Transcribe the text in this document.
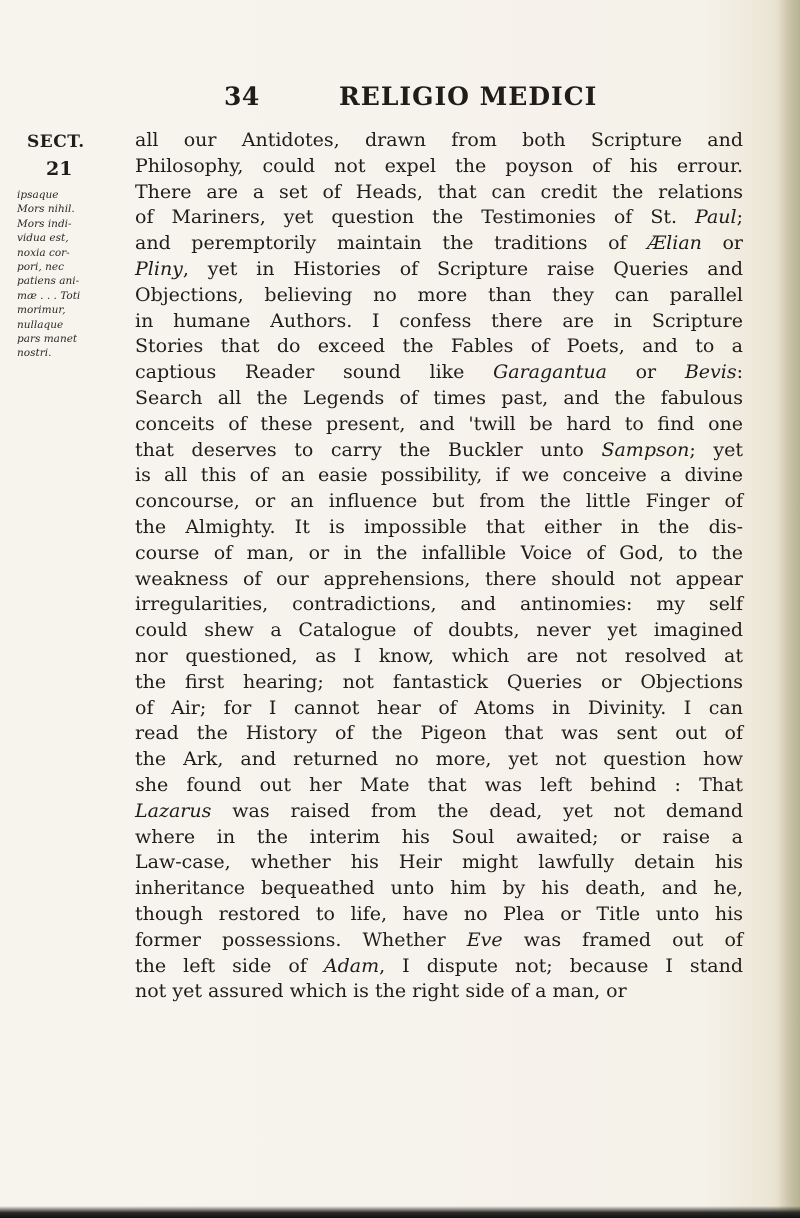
34	RELIGIO MEDICI
SECT.
21
ipsaque
Mors nihil.
Mors indi-
vidua est,
noxia cor-
pori, nec
patiens ani-
mæ . . . Toti
morimur,
nullaque
pars manet
nostri.
all our Antidotes, drawn from both Scripture and
Philosophy, could not expel the poyson of his errour.
There are a set of Heads, that can credit the relations
of Mariners, yet question the Testimonies of St. Paul;
and peremptorily maintain the traditions of Ælian or
Pliny, yet in Histories of Scripture raise Queries and
Objections, believing no more than they can parallel
in humane Authors. I confess there are in Scripture
Stories that do exceed the Fables of Poets, and to a
captious Reader sound like Garagantua or Bevis:
Search all the Legends of times past, and the fabulous
conceits of these present, and 'twill be hard to find one
that deserves to carry the Buckler unto Sampson; yet
is all this of an easie possibility, if we conceive a divine
concourse, or an influence but from the little Finger of
the Almighty. It is impossible that either in the dis-
course of man, or in the infallible Voice of God, to the
weakness of our apprehensions, there should not appear
irregularities, contradictions, and antinomies: my self
could shew a Catalogue of doubts, never yet imagined
nor questioned, as I know, which are not resolved at
the first hearing; not fantastick Queries or Objections
of Air; for I cannot hear of Atoms in Divinity. I can
read the History of the Pigeon that was sent out of
the Ark, and returned no more, yet not question how
she found out her Mate that was left behind : That
Lazarus was raised from the dead, yet not demand
where in the interim his Soul awaited; or raise a
Law-case, whether his Heir might lawfully detain his
inheritance bequeathed unto him by his death, and he,
though restored to life, have no Plea or Title unto his
former possessions. Whether Eve was framed out of
the left side of Adam, I dispute not; because I stand
not yet assured which is the right side of a man, or
